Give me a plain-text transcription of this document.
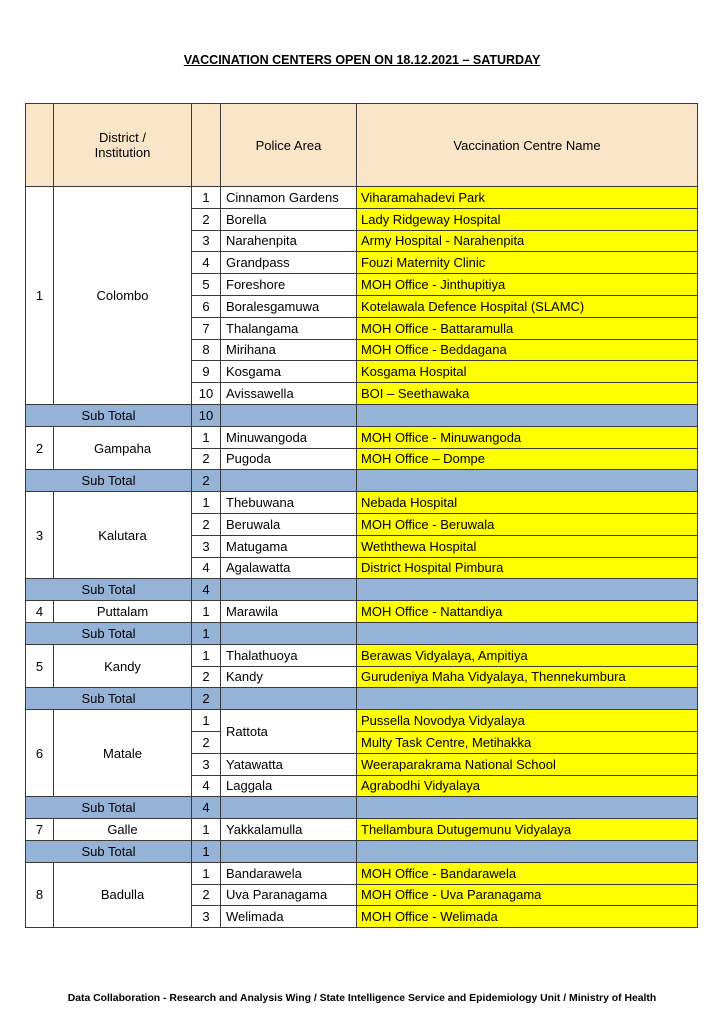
VACCINATION CENTERS OPEN ON 18.12.2021 – SATURDAY
	District / Institution		Police Area	Vaccination Centre Name
1	Colombo	1	Cinnamon Gardens	Viharamahadevi Park
		2	Borella	Lady Ridgeway Hospital
		3	Narahenpita	Army Hospital - Narahenpita
		4	Grandpass	Fouzi Maternity Clinic
		5	Foreshore	MOH Office - Jinthupitiya
		6	Boralesgamuwa	Kotelawala Defence Hospital (SLAMC)
		7	Thalangama	MOH Office - Battaramulla
		8	Mirihana	MOH Office - Beddagana
		9	Kosgama	Kosgama Hospital
		10	Avissawella	BOI – Seethawaka
Sub Total		10		
2	Gampaha	1	Minuwangoda	MOH Office - Minuwangoda
		2	Pugoda	MOH Office – Dompe
Sub Total		2		
3	Kalutara	1	Thebuwana	Nebada Hospital
		2	Beruwala	MOH Office - Beruwala
		3	Matugama	Weththewa Hospital
		4	Agalawatta	District Hospital Pimbura
Sub Total		4		
4	Puttalam	1	Marawila	MOH Office - Nattandiya
Sub Total		1		
5	Kandy	1	Thalathuoya	Berawas Vidyalaya, Ampitiya
		2	Kandy	Gurudeniya Maha Vidyalaya, Thennekumbura
Sub Total		2		
6	Matale	1	Rattota	Pussella Novodya Vidyalaya
		2		Multy Task Centre, Metihakka
		3	Yatawatta	Weeraparakrama National School
		4	Laggala	Agrabodhi Vidyalaya
Sub Total		4		
7	Galle	1	Yakkalamulla	Thellambura Dutugemunu Vidyalaya
Sub Total		1		
8	Badulla	1	Bandarawela	MOH Office - Bandarawela
		2	Uva Paranagama	MOH Office - Uva Paranagama
		3	Welimada	MOH Office - Welimada
Data Collaboration - Research and Analysis Wing / State Intelligence Service and Epidemiology Unit / Ministry of Health
